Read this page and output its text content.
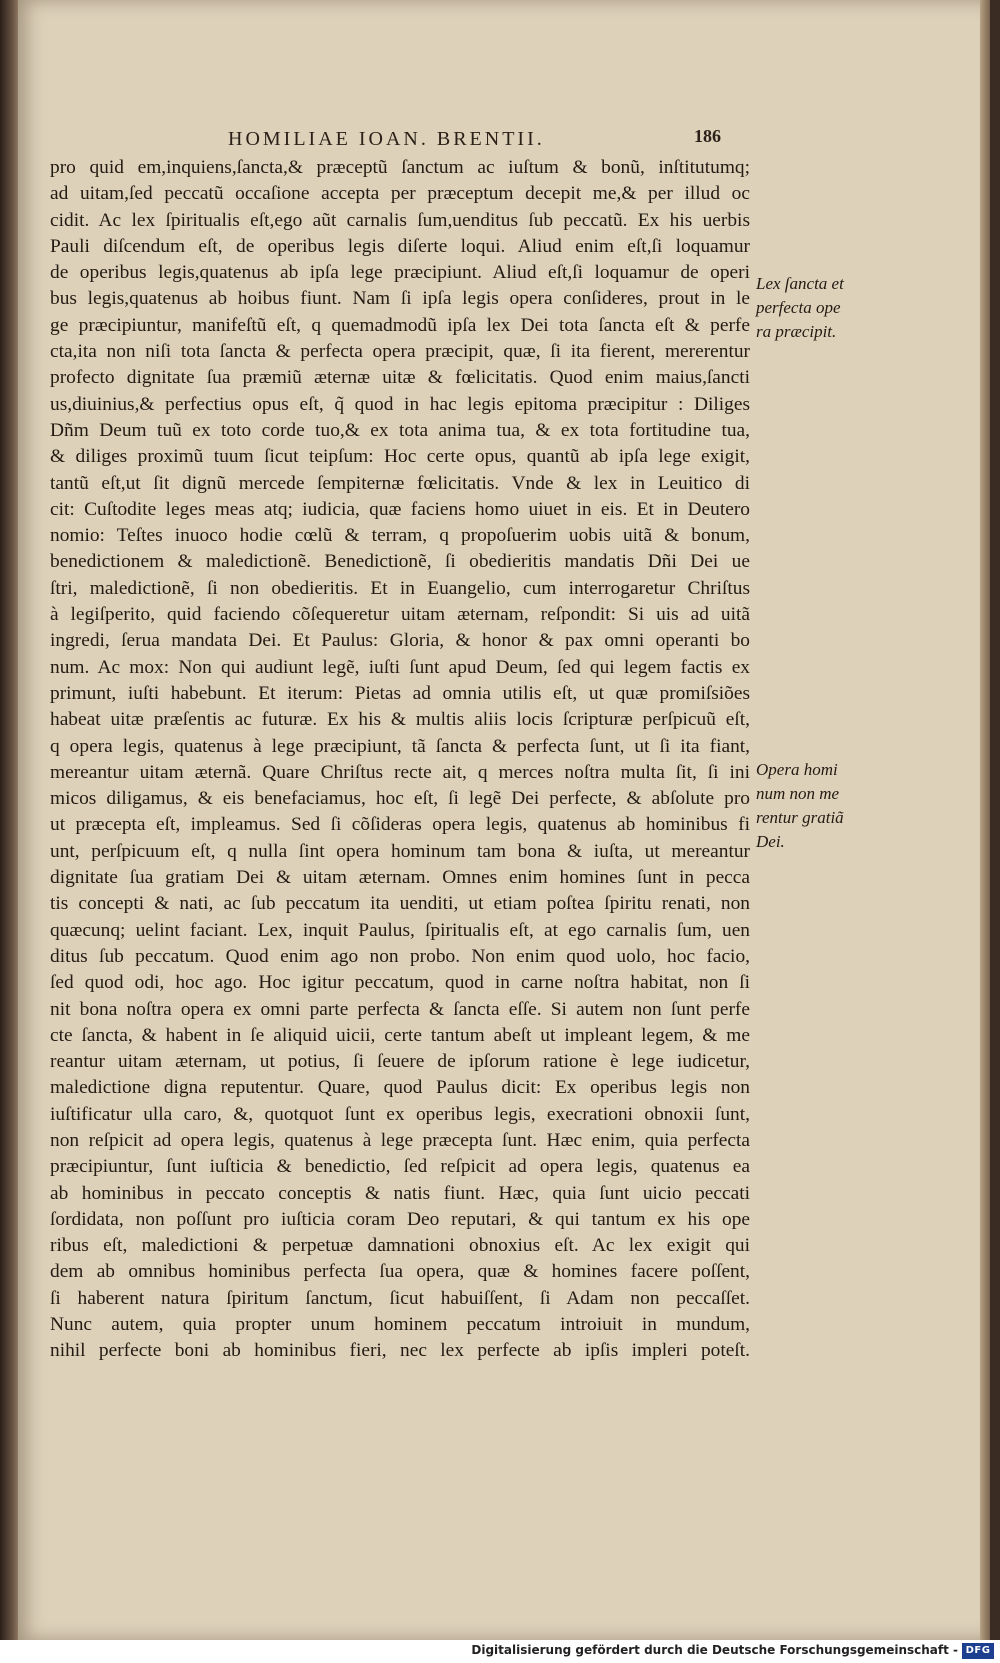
HOMILIAE IOAN. BRENTII.	186
pro quid em,inquiens,ſancta,& præceptũ ſanctum ac iuſtum & bonũ, inſtitutumq;
ad uitam,ſed peccatũ occaſione accepta per præceptum decepit me,& per illud oc
cidit. Ac lex ſpiritualis eſt,ego aũt carnalis ſum,uenditus ſub peccatũ. Ex his uerbis
Pauli diſcendum eſt, de operibus legis diſerte loqui. Aliud enim eſt,ſi loquamur
de operibus legis,quatenus ab ipſa lege præcipiunt. Aliud eſt,ſi loquamur de operi
bus legis,quatenus ab hoibus fiunt. Nam ſi ipſa legis opera conſideres, prout in le
ge præcipiuntur, manifeſtũ eſt, q quemadmodũ ipſa lex Dei tota ſancta eſt & perfe
cta,ita non niſi tota ſancta & perfecta opera præcipit, quæ, ſi ita fierent, mererentur
profecto dignitate ſua præmiũ æternæ uitæ & fœlicitatis. Quod enim maius,ſancti
us,diuinius,& perfectius opus eſt, q̃ quod in hac legis epitoma præcipitur : Diliges
Dñm Deum tuũ ex toto corde tuo,& ex tota anima tua, & ex tota fortitudine tua,
& diliges proximũ tuum ſicut teipſum: Hoc certe opus, quantũ ab ipſa lege exigit,
tantũ eſt,ut ſit dignũ mercede ſempiternæ fœlicitatis. Vnde & lex in Leuitico di
cit: Cuſtodite leges meas atq; iudicia, quæ faciens homo uiuet in eis. Et in Deutero
nomio: Teſtes inuoco hodie cœlũ & terram, q propoſuerim uobis uitã & bonum,
benedictionem & maledictionẽ. Benedictionẽ, ſi obedieritis mandatis Dñi Dei ue
ſtri, maledictionẽ, ſi non obedieritis. Et in Euangelio, cum interrogaretur Chriſtus
à legiſperito, quid faciendo cõſequeretur uitam æternam, reſpondit: Si uis ad uitã
ingredi, ſerua mandata Dei. Et Paulus: Gloria, & honor & pax omni operanti bo
num. Ac mox: Non qui audiunt legẽ, iuſti ſunt apud Deum, ſed qui legem factis ex
primunt, iuſti habebunt. Et iterum: Pietas ad omnia utilis eſt, ut quæ promiſsiões
habeat uitæ præſentis ac futuræ. Ex his & multis aliis locis ſcripturæ perſpicuũ eſt,
q opera legis, quatenus à lege præcipiunt, tã ſancta & perfecta ſunt, ut ſi ita fiant,
mereantur uitam æternã. Quare Chriſtus recte ait, q merces noſtra multa ſit, ſi ini
micos diligamus, & eis benefaciamus, hoc eſt, ſi legẽ Dei perfecte, & abſolute pro
ut præcepta eſt, impleamus. Sed ſi cõſideras opera legis, quatenus ab hominibus fi
unt, perſpicuum eſt, q nulla ſint opera hominum tam bona & iuſta, ut mereantur
dignitate ſua gratiam Dei & uitam æternam. Omnes enim homines ſunt in pecca
tis concepti & nati, ac ſub peccatum ita uenditi, ut etiam poſtea ſpiritu renati, non
quæcunq; uelint faciant. Lex, inquit Paulus, ſpiritualis eſt, at ego carnalis ſum, uen
ditus ſub peccatum. Quod enim ago non probo. Non enim quod uolo, hoc facio,
ſed quod odi, hoc ago. Hoc igitur peccatum, quod in carne noſtra habitat, non ſi
nit bona noſtra opera ex omni parte perfecta & ſancta eſſe. Si autem non ſunt perfe
cte ſancta, & habent in ſe aliquid uicii, certe tantum abeſt ut impleant legem, & me
reantur uitam æternam, ut potius, ſi ſeuere de ipſorum ratione è lege iudicetur,
maledictione digna reputentur. Quare, quod Paulus dicit: Ex operibus legis non
iuſtificatur ulla caro, &, quotquot ſunt ex operibus legis, execrationi obnoxii ſunt,
non reſpicit ad opera legis, quatenus à lege præcepta ſunt. Hæc enim, quia perfecta
præcipiuntur, ſunt iuſticia & benedictio, ſed reſpicit ad opera legis, quatenus ea
ab hominibus in peccato conceptis & natis fiunt. Hæc, quia ſunt uicio peccati
ſordidata, non poſſunt pro iuſticia coram Deo reputari, & qui tantum ex his ope
ribus eſt, maledictioni & perpetuæ damnationi obnoxius eſt. Ac lex exigit qui
dem ab omnibus hominibus perfecta ſua opera, quæ & homines facere poſſent,
ſi haberent natura ſpiritum ſanctum, ſicut habuiſſent, ſi Adam non peccaſſet.
Nunc autem, quia propter unum hominem peccatum introiuit in mundum,
nihil perfecte boni ab hominibus fieri, nec lex perfecte ab ipſis impleri poteſt.
Lex ſancta et
perfecta ope
ra præcipit.
Opera homi
num non me
rentur gratiã
Dei.
Digitalisierung gefördert durch die Deutsche Forschungsgemeinschaft - DFG
